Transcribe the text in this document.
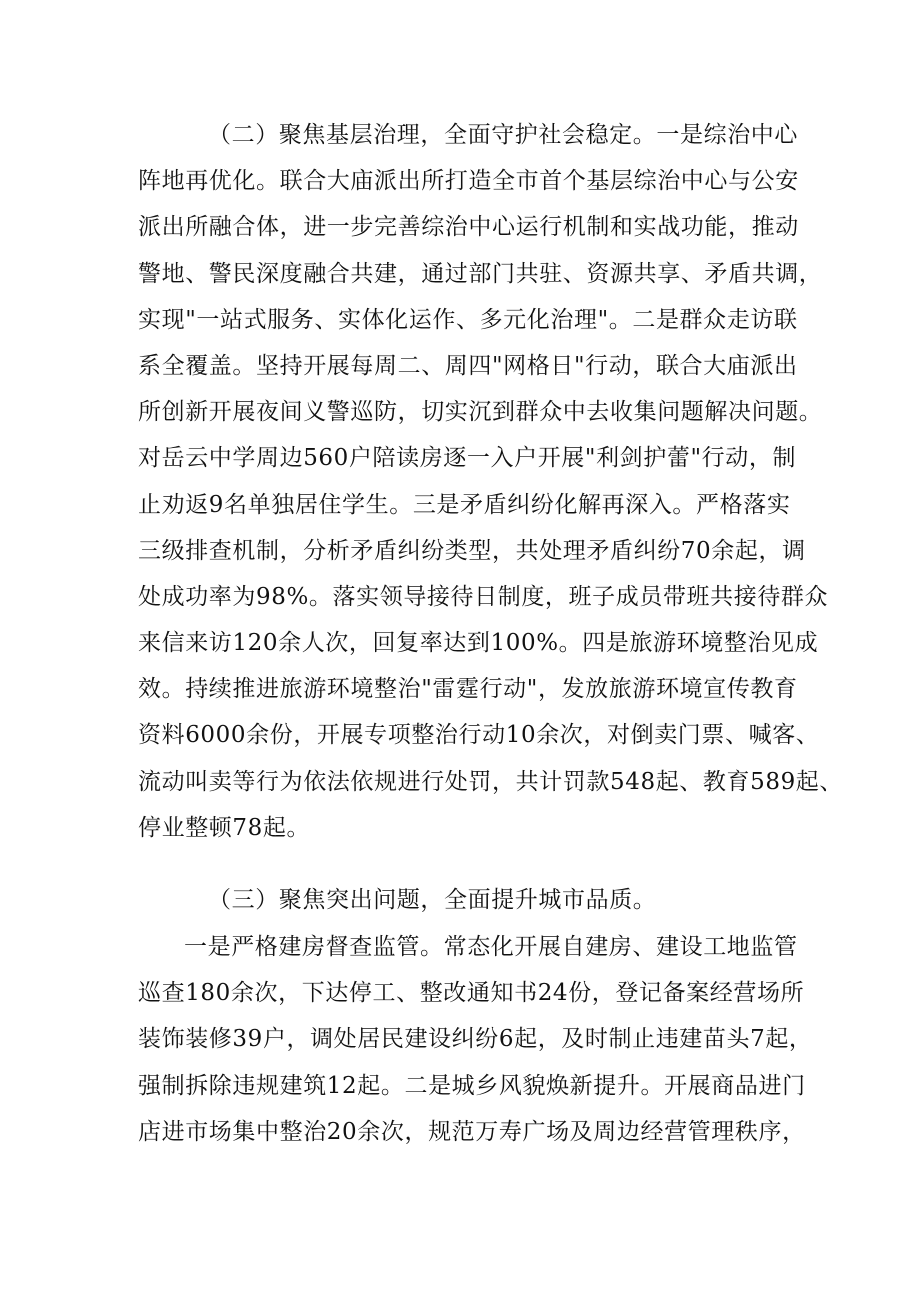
（二）聚焦基层治理，全面守护社会稳定。一是综治中心
阵地再优化。联合大庙派出所打造全市首个基层综治中心与公安
派出所融合体，进一步完善综治中心运行机制和实战功能，推动
警地、警民深度融合共建，通过部门共驻、资源共享、矛盾共调，
实现"一站式服务、实体化运作、多元化治理"。二是群众走访联
系全覆盖。坚持开展每周二、周四"网格日"行动，联合大庙派出
所创新开展夜间义警巡防，切实沉到群众中去收集问题解决问题。
对岳云中学周边560户陪读房逐一入户开展"利剑护蕾"行动，制
止劝返9名单独居住学生。三是矛盾纠纷化解再深入。严格落实
三级排查机制，分析矛盾纠纷类型，共处理矛盾纠纷70余起，调
处成功率为98%。落实领导接待日制度，班子成员带班共接待群众
来信来访120余人次，回复率达到100%。四是旅游环境整治见成
效。持续推进旅游环境整治"雷霆行动"，发放旅游环境宣传教育
资料6000余份，开展专项整治行动10余次，对倒卖门票、喊客、
流动叫卖等行为依法依规进行处罚，共计罚款548起、教育589起、
停业整顿78起。
（三）聚焦突出问题，全面提升城市品质。
一是严格建房督查监管。常态化开展自建房、建设工地监管
巡查180余次，下达停工、整改通知书24份，登记备案经营场所
装饰装修39户，调处居民建设纠纷6起，及时制止违建苗头7起，
强制拆除违规建筑12起。二是城乡风貌焕新提升。开展商品进门
店进市场集中整治20余次，规范万寿广场及周边经营管理秩序，
